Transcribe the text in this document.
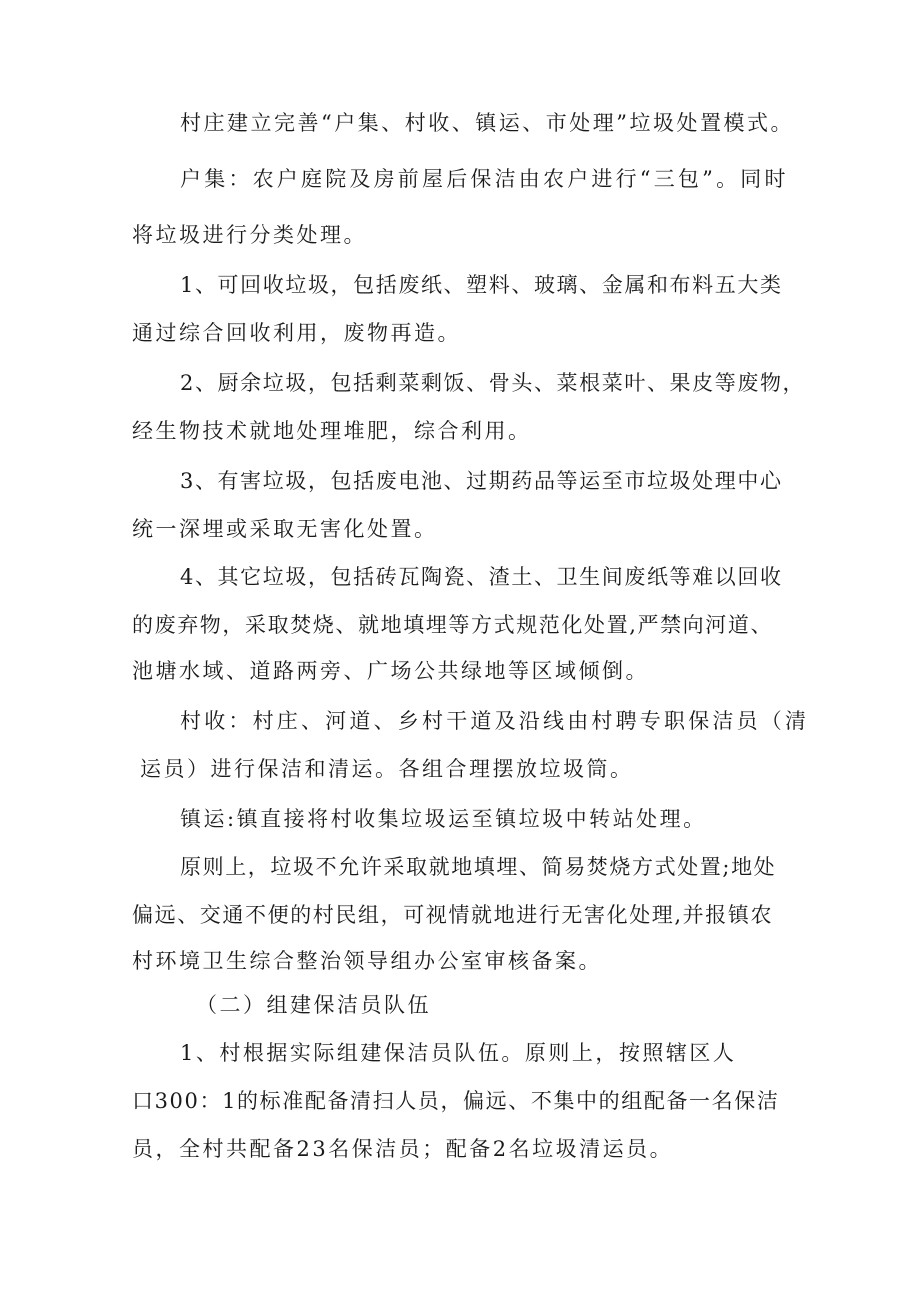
村庄建立完善“户集、村收、镇运、市处理”垃圾处置模式。
户集：农户庭院及房前屋后保洁由农户进行“三包”。同时
将垃圾进行分类处理。
1、可回收垃圾，包括废纸、塑料、玻璃、金属和布料五大类
通过综合回收利用，废物再造。
2、厨余垃圾，包括剩菜剩饭、骨头、菜根菜叶、果皮等废物，
经生物技术就地处理堆肥，综合利用。
3、有害垃圾，包括废电池、过期药品等运至市垃圾处理中心
统一深埋或采取无害化处置。
4、其它垃圾，包括砖瓦陶瓷、渣土、卫生间废纸等难以回收
的废弃物，采取焚烧、就地填埋等方式规范化处置,严禁向河道、
池塘水域、道路两旁、广场公共绿地等区域倾倒。
村收：村庄、河道、乡村干道及沿线由村聘专职保洁员（清
运员）进行保洁和清运。各组合理摆放垃圾筒。
镇运:镇直接将村收集垃圾运至镇垃圾中转站处理。
原则上，垃圾不允许采取就地填埋、简易焚烧方式处置;地处
偏远、交通不便的村民组，可视情就地进行无害化处理,并报镇农
村环境卫生综合整治领导组办公室审核备案。
（二）组建保洁员队伍
1、村根据实际组建保洁员队伍。原则上，按照辖区人
口300：1的标准配备清扫人员，偏远、不集中的组配备一名保洁
员，全村共配备23名保洁员；配备2名垃圾清运员。
